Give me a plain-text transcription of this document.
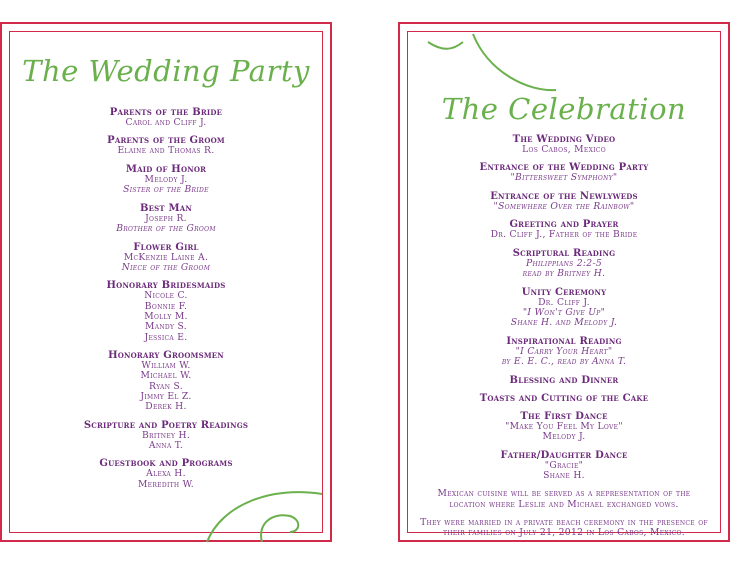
The Wedding Party
Parents of the Bride
Carol and Cliff J.
Parents of the Groom
Elaine and Thomas R.
Maid of Honor
Melody J.
Sister of the Bride
Best Man
Joseph R.
Brother of the Groom
Flower Girl
McKenzie Laine A.
Niece of the Groom
Honorary Bridesmaids
Nicole C.
Bonnie F.
Molly M.
Mandy S.
Jessica E.
Honorary Groomsmen
William W.
Michael W.
Ryan S.
Jimmy El Z.
Derek H.
Scripture and Poetry Readings
Britney H.
Anna T.
Guestbook and Programs
Alexa H.
Meredith W.
The Celebration
The Wedding Video
Los Cabos, Mexico
Entrance of the Wedding Party
"Bittersweet Symphony"
Entrance of the Newlyweds
"Somewhere Over the Rainbow"
Greeting and Prayer
Dr. Cliff J., Father of the Bride
Scriptural Reading
Philippians 2:2-5
read by Britney H.
Unity Ceremony
Dr. Cliff J.
"I Won't Give Up"
Shane H. and Melody J.
Inspirational Reading
"I Carry Your Heart"
by E. E. C., read by Anna T.
Blessing and Dinner
Toasts and Cutting of the Cake
The First Dance
"Make You Feel My Love"
Melody J.
Father/Daughter Dance
"Gracie"
Shane H.
Mexican cuisine will be served as a representation of the location where Leslie and Michael exchanged vows.
They were married in a private beach ceremony in the presence of their families on July 21, 2012 in Los Cabos, Mexico.
